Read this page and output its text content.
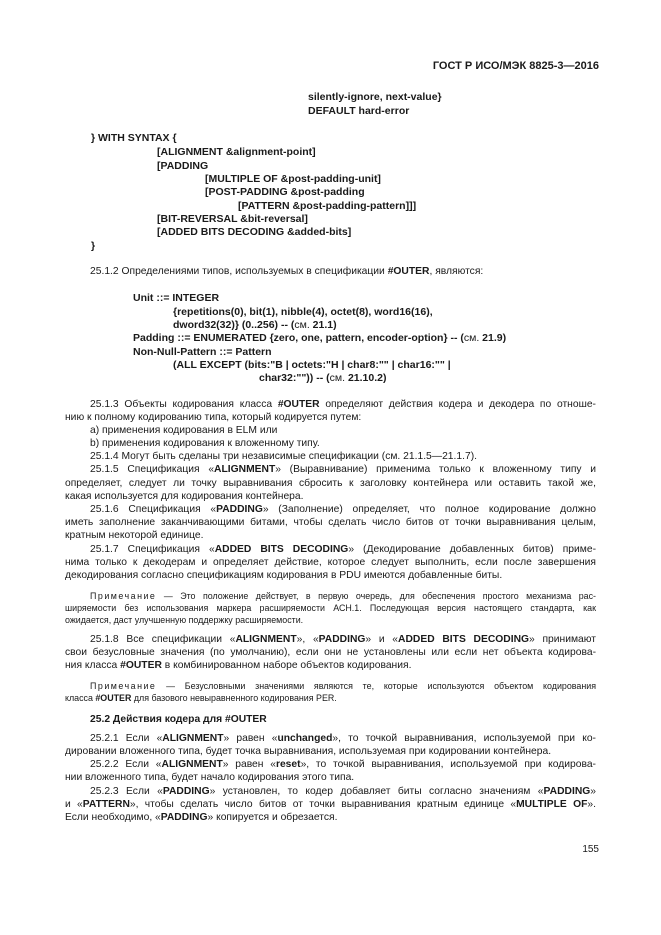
ГОСТ Р ИСО/МЭК 8825-3—2016
silently-ignore, next-value}
DEFAULT hard-error
} WITH SYNTAX {
[ALIGNMENT &alignment-point]
[PADDING
[MULTIPLE OF &post-padding-unit]
[POST-PADDING &post-padding
[PATTERN &post-padding-pattern]]]
[BIT-REVERSAL &bit-reversal]
[ADDED BITS DECODING &added-bits]
}
25.1.2 Определениями типов, используемых в спецификации #OUTER, являются:
Unit ::= INTEGER
{repetitions(0), bit(1), nibble(4), octet(8), word16(16),
dword32(32)} (0..256) -- (см. 21.1)
Padding ::= ENUMERATED {zero, one, pattern, encoder-option} -- (см. 21.9)
Non-Null-Pattern ::= Pattern
(ALL EXCEPT (bits:"B | octets:"H | char8:"" | char16:"" |
char32:"")) -- (см. 21.10.2)
25.1.3 Объекты кодирования класса #OUTER определяют действия кодера и декодера по отноше-
нию к полному кодированию типа, который кодируется путем:
а) применения кодирования в ELM или
b) применения кодирования к вложенному типу.
25.1.4 Могут быть сделаны три независимые спецификации (см. 21.1.5—21.1.7).
25.1.5 Спецификация «ALIGNMENT» (Выравнивание) применима только к вложенному типу и
определяет, следует ли точку выравнивания сбросить к заголовку контейнера или оставить такой же,
какая используется для кодирования контейнера.
25.1.6 Спецификация «PADDING» (Заполнение) определяет, что полное кодирование должно
иметь заполнение заканчивающими битами, чтобы сделать число битов от точки выравнивания целым,
кратным некоторой единице.
25.1.7 Спецификация «ADDED BITS DECODING» (Декодирование добавленных битов) приме-
нима только к декодерам и определяет действие, которое следует выполнить, если после завершения
декодирования согласно спецификациям кодирования в PDU имеются добавленные биты.
Примечание — Это положение действует, в первую очередь, для обеспечения простого механизма рас-
ширяемости без использования маркера расширяемости АСН.1. Последующая версия настоящего стандарта, как
ожидается, даст улучшенную поддержку расширяемости.
25.1.8 Все спецификации «ALIGNMENT», «PADDING» и «ADDED BITS DECODING» принимают
свои безусловные значения (по умолчанию), если они не установлены или если нет объекта кодирова-
ния класса #OUTER в комбинированном наборе объектов кодирования.
Примечание — Безусловными значениями являются те, которые используются объектом кодирования
класса #OUTER для базового невыравненного кодирования PER.
25.2 Действия кодера для #OUTER
25.2.1 Если «ALIGNMENT» равен «unchanged», то точкой выравнивания, используемой при ко-
дировании вложенного типа, будет точка выравнивания, используемая при кодировании контейнера.
25.2.2 Если «ALIGNMENT» равен «reset», то точкой выравнивания, используемой при кодирова-
нии вложенного типа, будет начало кодирования этого типа.
25.2.3 Если «PADDING» установлен, то кодер добавляет биты согласно значениям «PADDING»
и «PATTERN», чтобы сделать число битов от точки выравнивания кратным единице «MULTIPLE OF».
Если необходимо, «PADDING» копируется и обрезается.
155
